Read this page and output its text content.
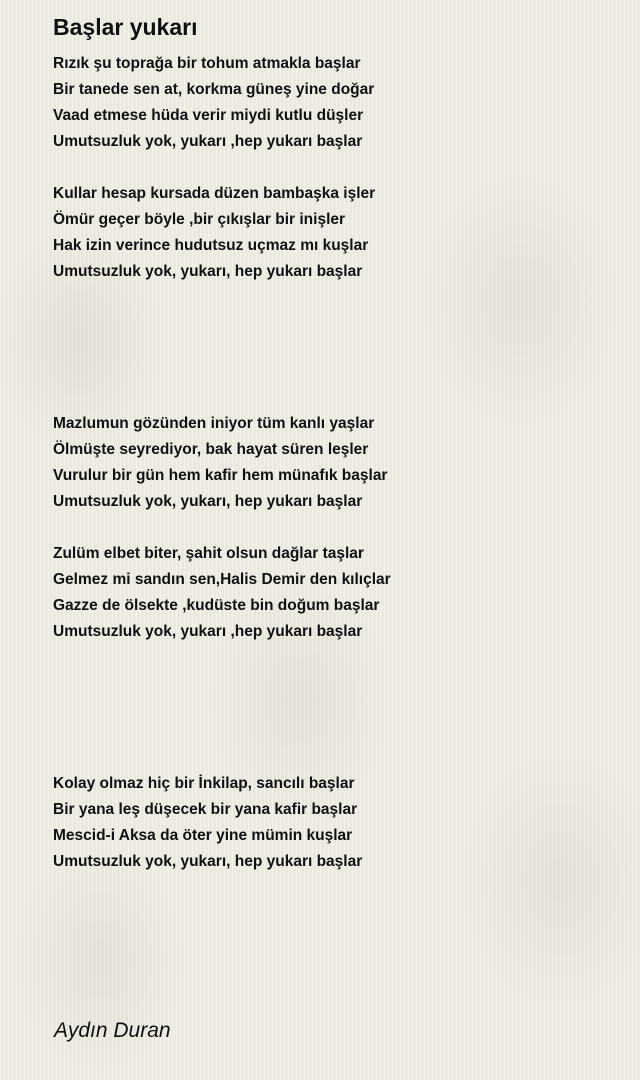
Başlar yukarı
Rızık şu toprağa bir tohum atmakla başlar
Bir tanede sen at, korkma güneş yine doğar
Vaad etmese hüda verir miydi kutlu düşler
Umutsuzluk yok, yukarı ,hep yukarı başlar
Kullar hesap kursada düzen bambaşka işler
Ömür geçer böyle ,bir çıkışlar bir inişler
Hak izin verince hudutsuz uçmaz mı kuşlar
Umutsuzluk yok, yukarı, hep yukarı başlar
Mazlumun gözünden iniyor tüm kanlı yaşlar
Ölmüşte seyrediyor, bak hayat süren leşler
Vurulur bir gün hem kafir hem münafık başlar
Umutsuzluk yok, yukarı, hep yukarı başlar
Zulüm elbet biter, şahit olsun dağlar taşlar
Gelmez mi sandın sen,Halis Demir den kılıçlar
Gazze de ölsekte ,kudüste bin doğum başlar
Umutsuzluk yok, yukarı ,hep yukarı başlar
Kolay olmaz hiç bir İnkilap, sancılı başlar
Bir yana leş düşecek bir yana kafir başlar
Mescid-i Aksa da öter yine mümin kuşlar
Umutsuzluk yok, yukarı, hep yukarı başlar
Aydın Duran
